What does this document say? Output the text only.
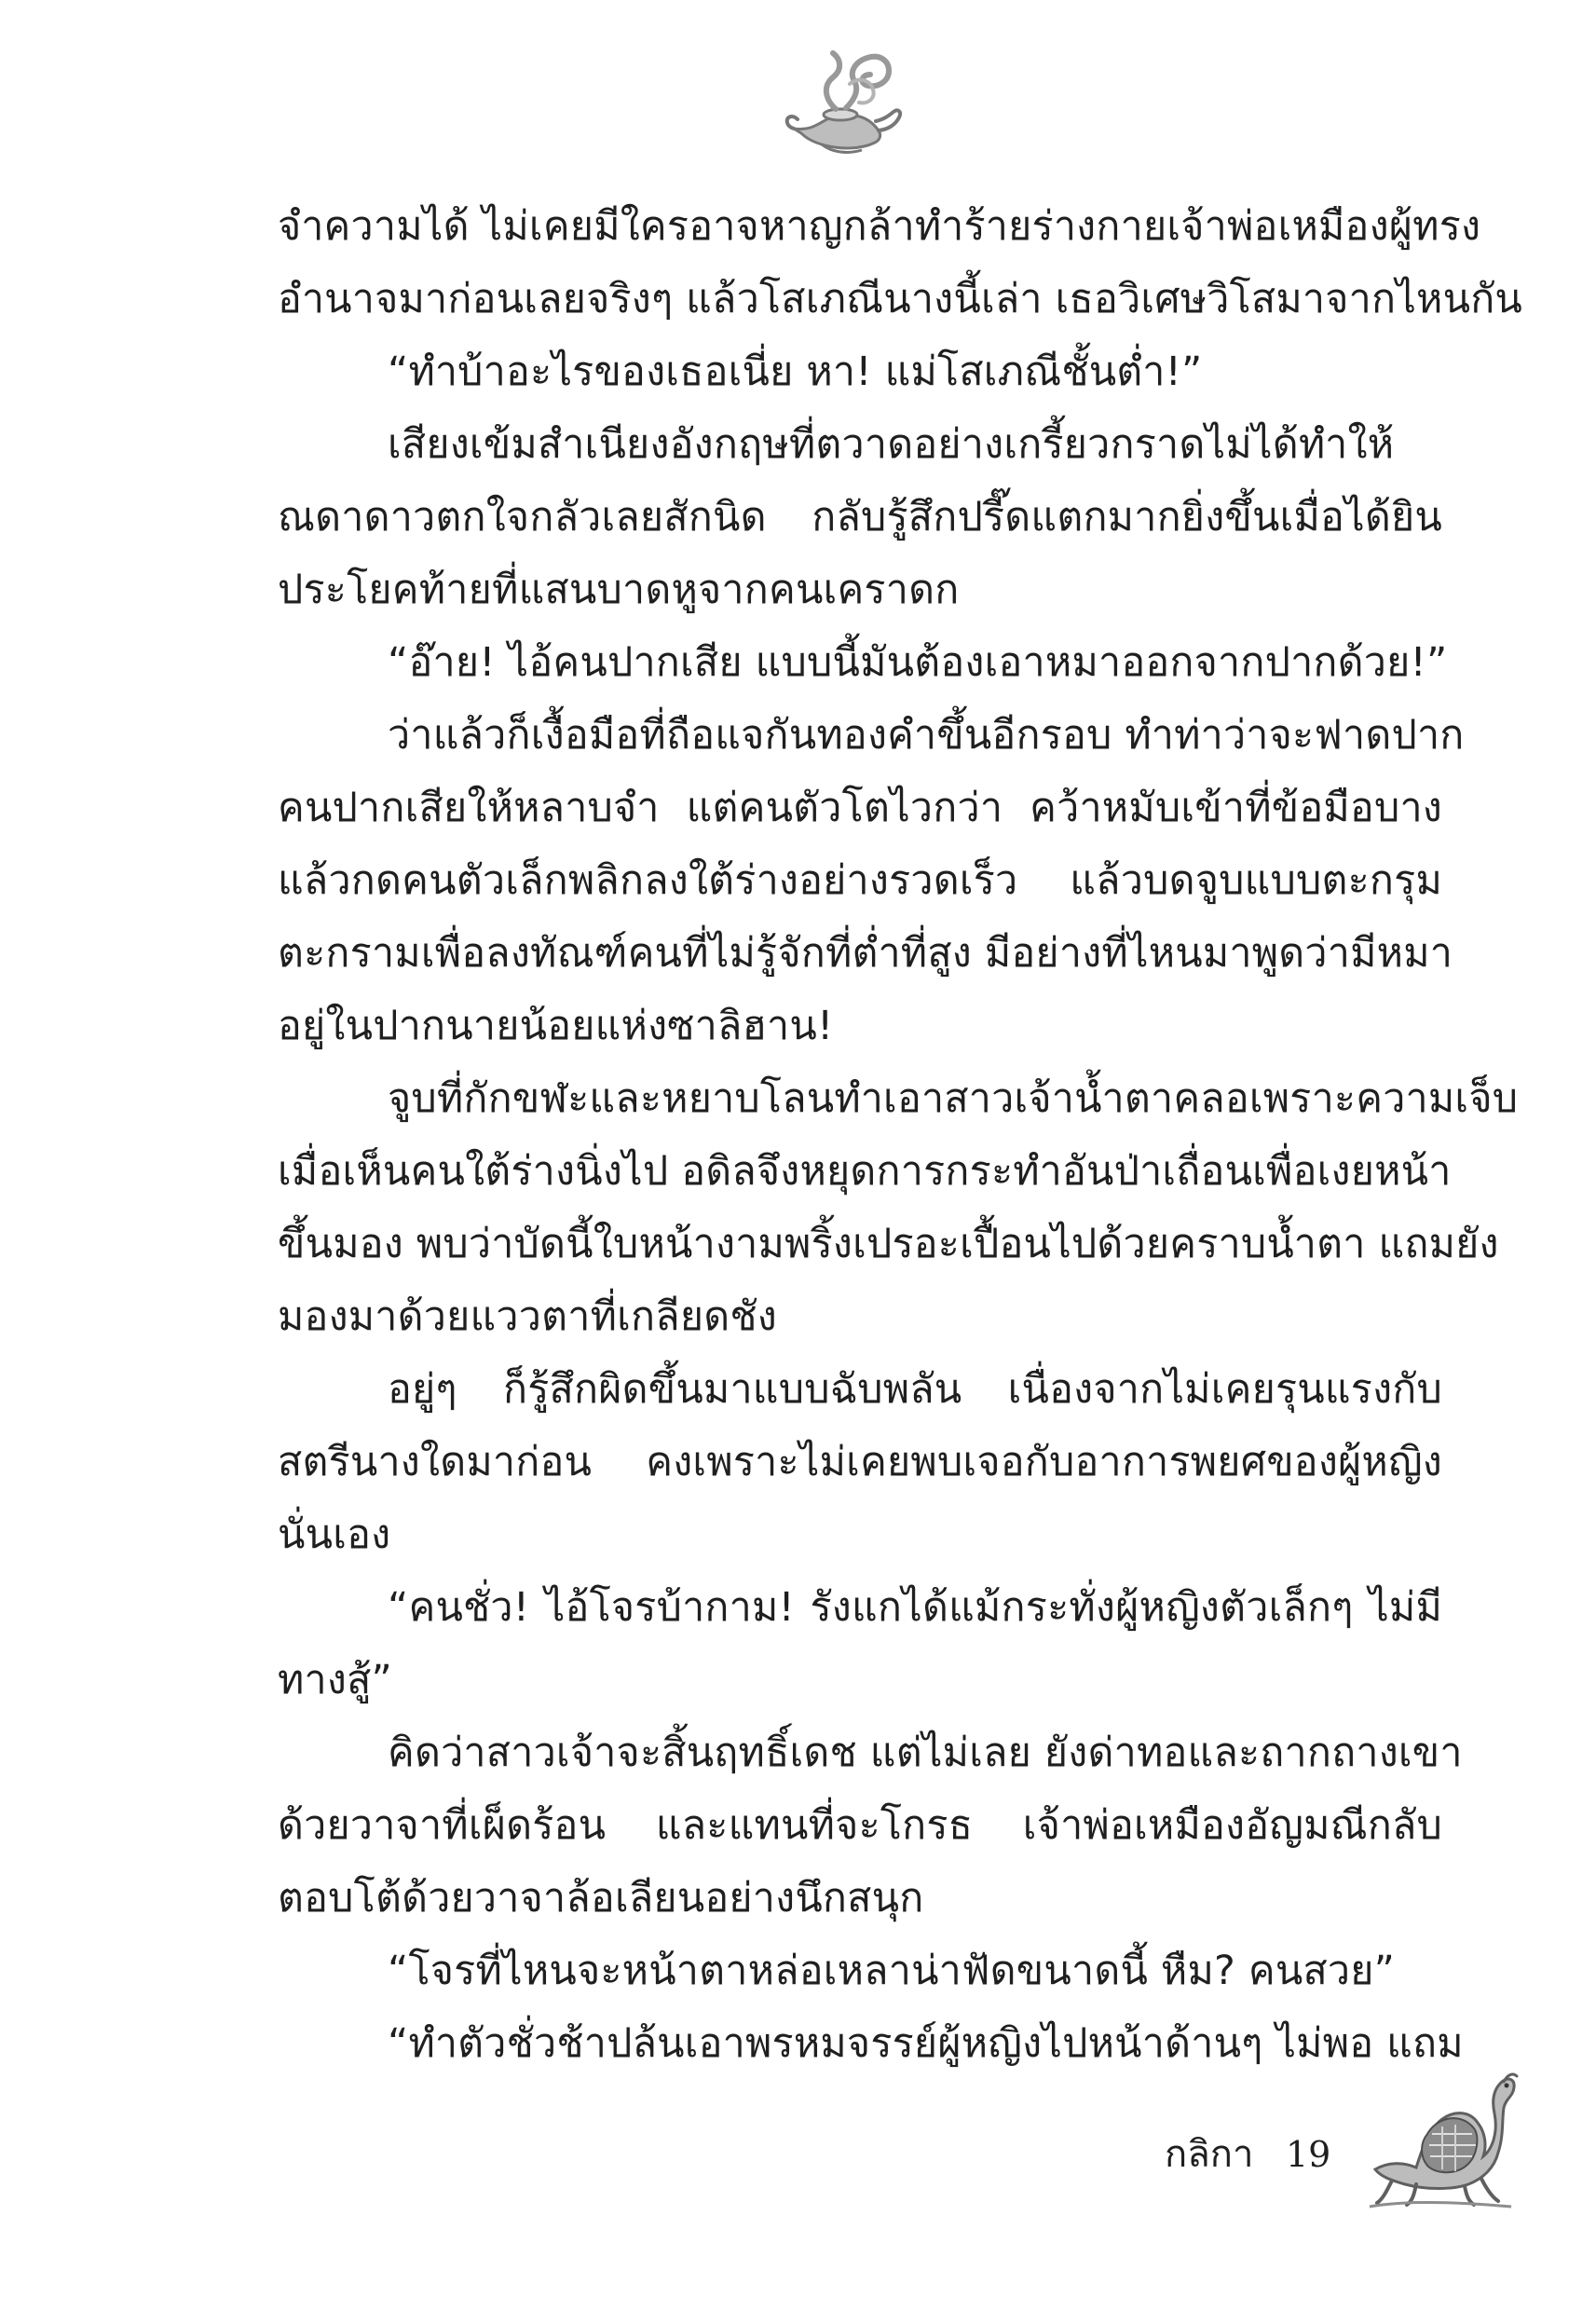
จำความได้ ไม่เคยมีใครอาจหาญกล้าทำร้ายร่างกายเจ้าพ่อเหมืองผู้ทรง
อำนาจมาก่อนเลยจริงๆ แล้วโสเภณีนางนี้เล่า เธอวิเศษวิโสมาจากไหนกัน
“ทำบ้าอะไรของเธอเนี่ย หา! แม่โสเภณีชั้นต่ำ!”
เสียงเข้มสำเนียงอังกฤษที่ตวาดอย่างเกรี้ยวกราดไม่ได้ทำให้
ณดาดาวตกใจกลัวเลยสักนิด กลับรู้สึกปรี๊ดแตกมากยิ่งขึ้นเมื่อได้ยิน
ประโยคท้ายที่แสนบาดหูจากคนเคราดก
“อ๊าย! ไอ้คนปากเสีย แบบนี้มันต้องเอาหมาออกจากปากด้วย!”
ว่าแล้วก็เงื้อมือที่ถือแจกันทองคำขึ้นอีกรอบ ทำท่าว่าจะฟาดปาก
คนปากเสียให้หลาบจำ แต่คนตัวโตไวกว่า คว้าหมับเข้าที่ข้อมือบาง
แล้วกดคนตัวเล็กพลิกลงใต้ร่างอย่างรวดเร็ว แล้วบดจูบแบบตะกรุม
ตะกรามเพื่อลงทัณฑ์คนที่ไม่รู้จักที่ต่ำที่สูง มีอย่างที่ไหนมาพูดว่ามีหมา
อยู่ในปากนายน้อยแห่งซาลิฮาน!
จูบที่กักขฬะและหยาบโลนทำเอาสาวเจ้าน้ำตาคลอเพราะความเจ็บ
เมื่อเห็นคนใต้ร่างนิ่งไป อดิลจึงหยุดการกระทำอันป่าเถื่อนเพื่อเงยหน้า
ขึ้นมอง พบว่าบัดนี้ใบหน้างามพริ้งเปรอะเปื้อนไปด้วยคราบน้ำตา แถมยัง
มองมาด้วยแววตาที่เกลียดชัง
อยู่ๆ ก็รู้สึกผิดขึ้นมาแบบฉับพลัน เนื่องจากไม่เคยรุนแรงกับ
สตรีนางใดมาก่อน คงเพราะไม่เคยพบเจอกับอาการพยศของผู้หญิง
นั่นเอง
“คนชั่ว! ไอ้โจรบ้ากาม! รังแกได้แม้กระทั่งผู้หญิงตัวเล็กๆ ไม่มี
ทางสู้”
คิดว่าสาวเจ้าจะสิ้นฤทธิ์เดช แต่ไม่เลย ยังด่าทอและถากถางเขา
ด้วยวาจาที่เผ็ดร้อน และแทนที่จะโกรธ เจ้าพ่อเหมืองอัญมณีกลับ
ตอบโต้ด้วยวาจาล้อเลียนอย่างนึกสนุก
“โจรที่ไหนจะหน้าตาหล่อเหลาน่าฟัดขนาดนี้ หืม? คนสวย”
“ทำตัวชั่วช้าปล้นเอาพรหมจรรย์ผู้หญิงไปหน้าด้านๆ ไม่พอ แถม
กลิกา 19
